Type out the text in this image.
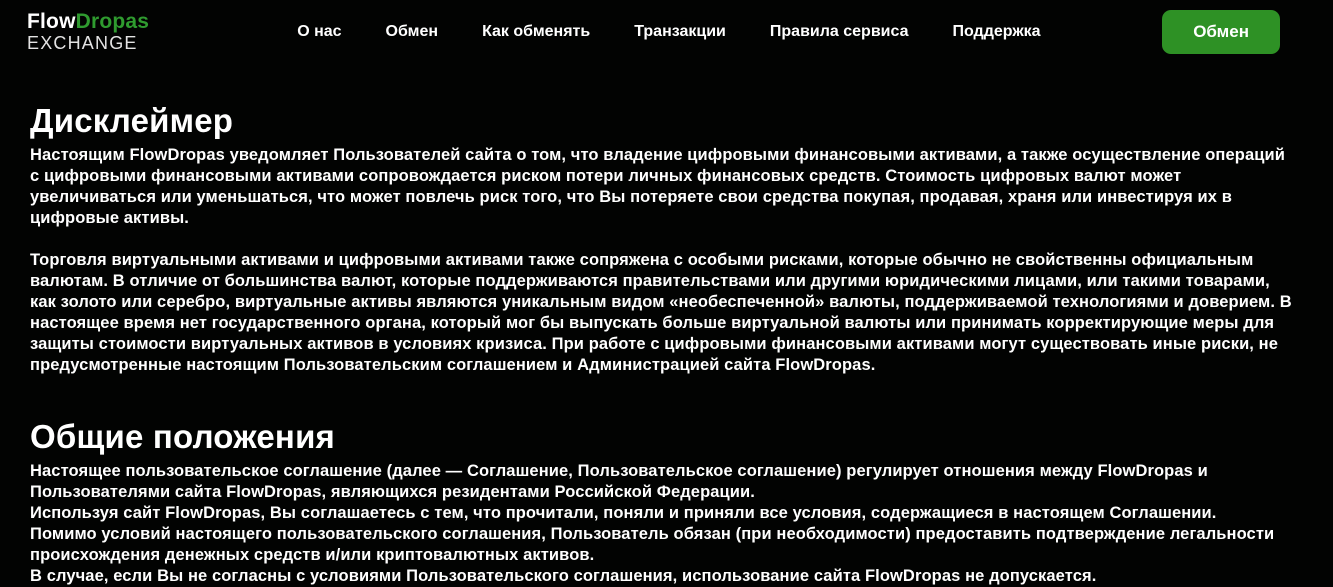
FlowDropas
EXCHANGE
О нас	Обмен	Как обменять	Транзакции	Правила сервиса	Поддержка	Обмен
Дисклеймер

Настоящим FlowDropas уведомляет Пользователей сайта о том, что владение цифровыми финансовыми активами, а также осуществление операций с цифровыми финансовыми активами сопровождается риском потери личных финансовых средств. Стоимость цифровых валют может увеличиваться или уменьшаться, что может повлечь риск того, что Вы потеряете свои средства покупая, продавая, храня или инвестируя их в цифровые активы.

Торговля виртуальными активами и цифровыми активами также сопряжена с особыми рисками, которые обычно не свойственны официальным валютам. В отличие от большинства валют, которые поддерживаются правительствами или другими юридическими лицами, или такими товарами, как золото или серебро, виртуальные активы являются уникальным видом «необеспеченной» валюты, поддерживаемой технологиями и доверием. В настоящее время нет государственного органа, который мог бы выпускать больше виртуальной валюты или принимать корректирующие меры для защиты стоимости виртуальных активов в условиях кризиса. При работе с цифровыми финансовыми активами могут существовать иные риски, не предусмотренные настоящим Пользовательским соглашением и Администрацией сайта FlowDropas.

Общие положения
Настоящее пользовательское соглашение (далее — Соглашение, Пользовательское соглашение) регулирует отношения между FlowDropas и Пользователями сайта FlowDropas, являющихся резидентами Российской Федерации.
Используя сайт FlowDropas, Вы соглашаетесь с тем, что прочитали, поняли и приняли все условия, содержащиеся в настоящем Соглашении.
Помимо условий настоящего пользовательского соглашения, Пользователь обязан (при необходимости) предоставить подтверждение легальности происхождения денежных средств и/или криптовалютных активов.
В случае, если Вы не согласны с условиями Пользовательского соглашения, использование сайта FlowDropas не допускается.
